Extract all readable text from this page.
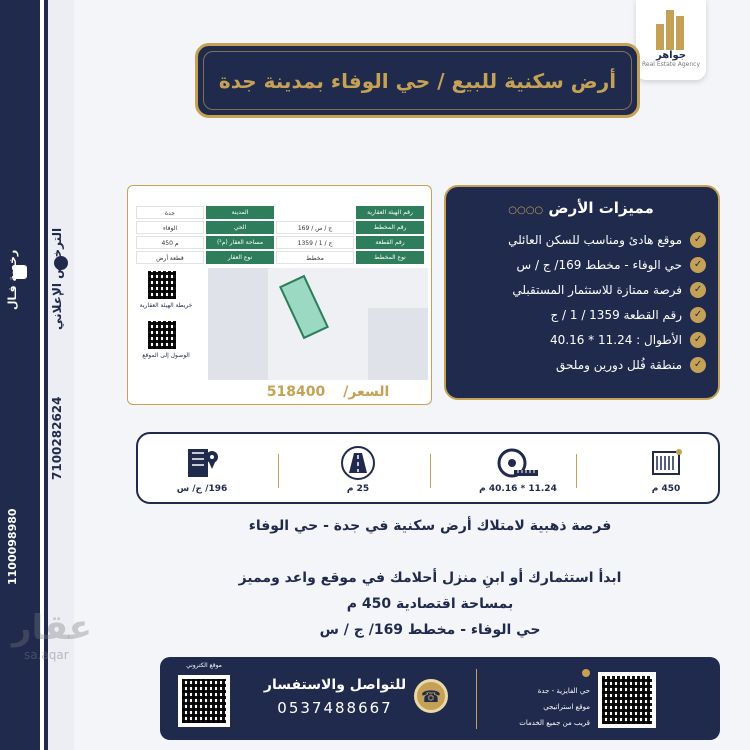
رخصة فـال
1100098980
الترخيص الإعلاني
7100282624
جواهر
Real Estate Agency
أرض سكنية للبيع / حي الوفاء بمدينة جدة
رقم الهيئة العقارية
المدينة
جدة
رقم المخطط
169 / ج / س
الحي
الوفاء
رقم القطعة
1359 / 1 / ج
مساحة العقار (م²)
450 م
نوع المخطط
مخطط
نوع العقار
قطعة أرض
خريطة الهيئة العقارية
الوصول إلى الموقع
السعر/
518400
مميزات الأرض ○○○○
✓
موقع هادئ ومناسب للسكن العائلي
✓
حي الوفاء - مخطط 169/ ج / س
✓
فرصة ممتازة للاستثمار المستقبلي
✓
رقم القطعة 1359 / 1 / ج
✓
الأطوال : 11.24 * 40.16
✓
منطقة فُلل دورين وملحق
450 م
11.24 * 40.16 م
25 م
196/ ج/ س
فرصة ذهبية لامتلاك أرض سكنية في جدة - حي الوفاء
ابدأ استثمارك أو ابنِ منزل أحلامك في موقع واعد ومميز
بمساحة اقتصادية 450 م
حي الوفاء - مخطط 169/ ج / س
عقار
sa.aqar
موقع الكتروني
للتواصل والاستفسار
0537488667
☎	حي الفايزية - جدة
موقع استراتيجي
قريب من جميع الخدمات
